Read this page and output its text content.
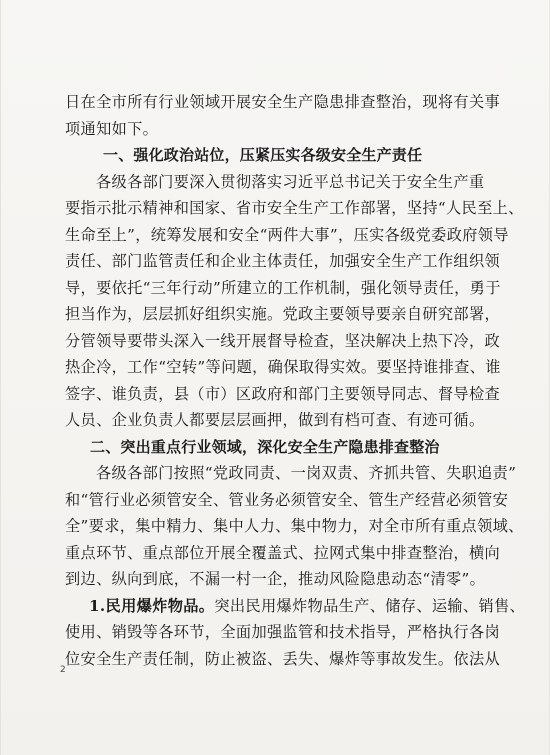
日在全市所有行业领域开展安全生产隐患排查整治，现将有关事
项通知如下。
一、强化政治站位，压紧压实各级安全生产责任
各级各部门要深入贯彻落实习近平总书记关于安全生产重
要指示批示精神和国家、省市安全生产工作部署，坚持“人民至上、
生命至上”，统筹发展和安全“两件大事”，压实各级党委政府领导
责任、部门监管责任和企业主体责任，加强安全生产工作组织领
导，要依托“三年行动”所建立的工作机制，强化领导责任，勇于
担当作为，层层抓好组织实施。党政主要领导要亲自研究部署，
分管领导要带头深入一线开展督导检查，坚决解决上热下冷，政
热企冷，工作“空转”等问题，确保取得实效。要坚持谁排查、谁
签字、谁负责，县（市）区政府和部门主要领导同志、督导检查
人员、企业负责人都要层层画押，做到有档可查、有迹可循。
二、突出重点行业领域，深化安全生产隐患排查整治
各级各部门按照“党政同责、一岗双责、齐抓共管、失职追责”
和“管行业必须管安全、管业务必须管安全、管生产经营必须管安
全”要求，集中精力、集中人力、集中物力，对全市所有重点领域、
重点环节、重点部位开展全覆盖式、拉网式集中排查整治，横向
到边、纵向到底，不漏一村一企，推动风险隐患动态“清零”。
1.民用爆炸物品。突出民用爆炸物品生产、储存、运输、销售、
使用、销毁等各环节，全面加强监管和技术指导，严格执行各岗
位安全生产责任制，防止被盗、丢失、爆炸等事故发生。依法从
2
